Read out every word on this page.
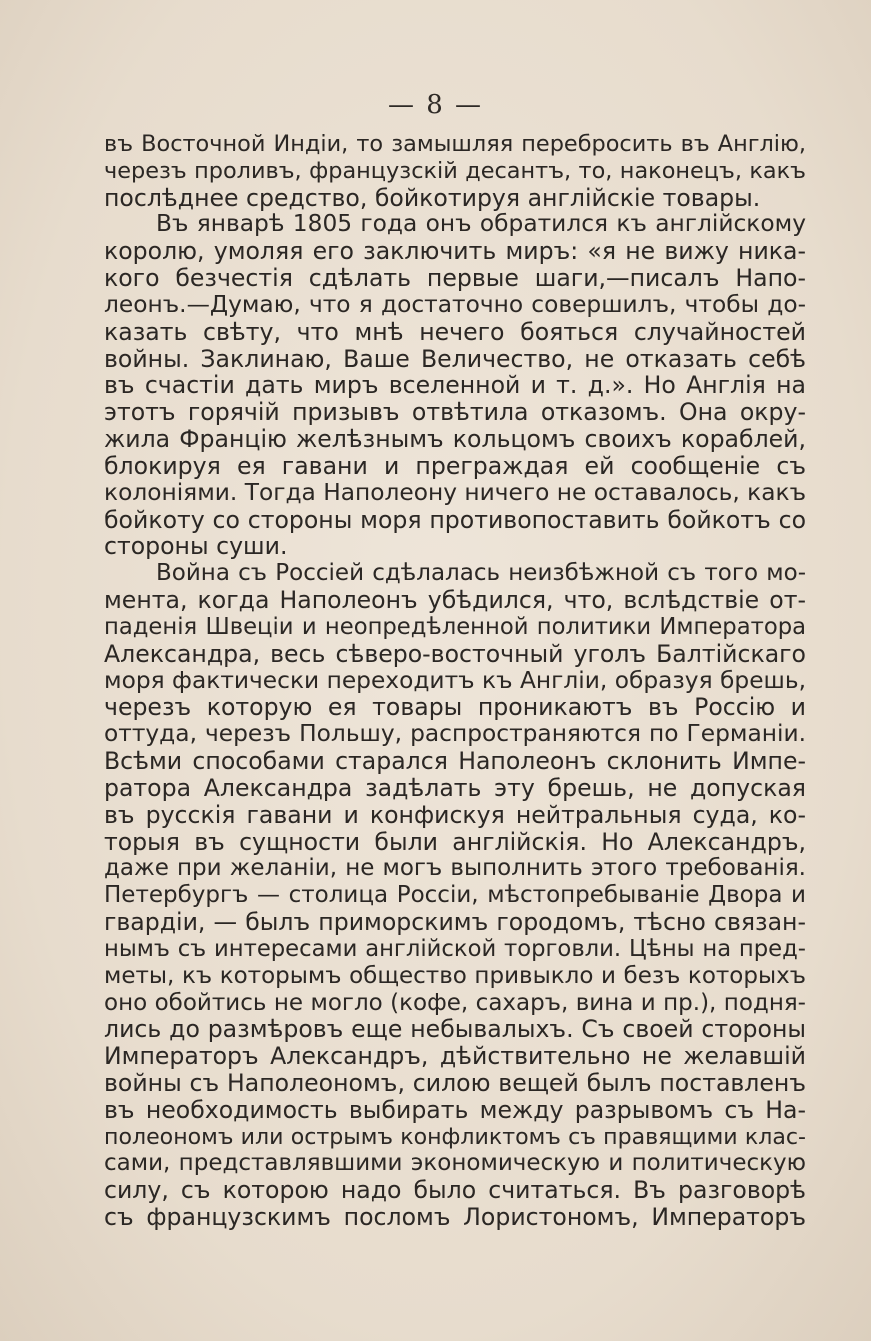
— 8 —
въ Восточной Индiи, то замышляя перебросить въ Англiю,
черезъ проливъ, французскiй десантъ, то, наконецъ, какъ
послѣднее средство, бойкотируя англiйскiе товары.
Въ январѣ 1805 года онъ обратился къ англiйскому
королю, умоляя его заключить миръ: «я не вижу ника-
кого безчестiя сдѣлать первые шаги,—писалъ Напо-
леонъ.—Думаю, что я достаточно совершилъ, чтобы до-
казать свѣту, что мнѣ нечего бояться случайностей
войны. Заклинаю, Ваше Величество, не отказать себѣ
въ счастiи дать миръ вселенной и т. д.». Но Англiя на
этотъ горячiй призывъ отвѣтила отказомъ. Она окру-
жила Францiю желѣзнымъ кольцомъ своихъ кораблей,
блокируя ея гавани и преграждая ей сообщенiе съ
колонiями. Тогда Наполеону ничего не оставалось, какъ
бойкоту со стороны моря противопоставить бойкотъ со
стороны суши.
Война съ Россiей сдѣлалась неизбѣжной съ того мо-
мента, когда Наполеонъ убѣдился, что, вслѣдствiе от-
паденiя Швецiи и неопредѣленной политики Императора
Александра, весь сѣверо-восточный уголъ Балтiйскаго
моря фактически переходитъ къ Англiи, образуя брешь,
черезъ которую ея товары проникаютъ въ Россiю и
оттуда, черезъ Польшу, распространяются по Германiи.
Всѣми способами старался Наполеонъ склонить Импе-
ратора Александра задѣлать эту брешь, не допуская
въ русскiя гавани и конфискуя нейтральныя суда, ко-
торыя въ сущности были англiйскiя. Но Александръ,
даже при желанiи, не могъ выполнить этого требованiя.
Петербургъ — столица Россiи, мѣстопребыванiе Двора и
гвардiи, — былъ приморскимъ городомъ, тѣсно связан-
нымъ съ интересами англiйской торговли. Цѣны на пред-
меты, къ которымъ общество привыкло и безъ которыхъ
оно обойтись не могло (кофе, сахаръ, вина и пр.), подня-
лись до размѣровъ еще небывалыхъ. Съ своей стороны
Императоръ Александръ, дѣйствительно не желавшiй
войны съ Наполеономъ, силою вещей былъ поставленъ
въ необходимость выбирать между разрывомъ съ На-
полеономъ или острымъ конфликтомъ съ правящими клас-
сами, представлявшими экономическую и политическую
силу, съ которою надо было считаться. Въ разговорѣ
съ французскимъ посломъ Лористономъ, Императоръ
